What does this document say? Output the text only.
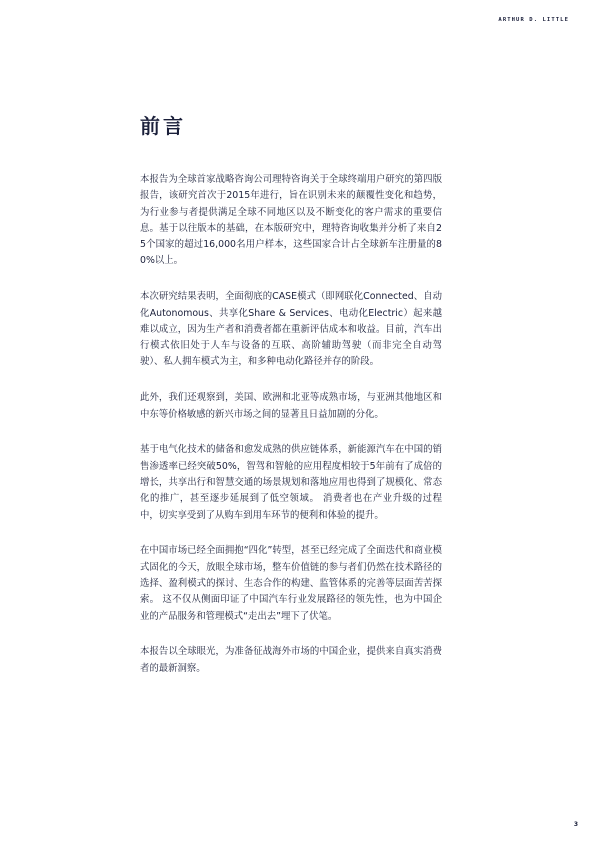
ARTHUR D. LITTLE
前言

本报告为全球首家战略咨询公司理特咨询关于全球终端用户研究的第四版报告，该研究首次于2015年进行，旨在识别未来的颠覆性变化和趋势，为行业参与者提供满足全球不同地区以及不断变化的客户需求的重要信息。基于以往版本的基础，在本版研究中，理特咨询收集并分析了来自25个国家的超过16,000名用户样本，这些国家合计占全球新车注册量的80%以上。

本次研究结果表明，全面彻底的CASE模式（即网联化Connected、自动化Autonomous、共享化Share & Services、电动化Electric）起来越难以成立，因为生产者和消费者都在重新评估成本和收益。目前，汽车出行模式依旧处于人车与设备的互联、高阶辅助驾驶（而非完全自动驾驶）、私人拥车模式为主，和多种电动化路径并存的阶段。

此外，我们还观察到，美国、欧洲和北亚等成熟市场，与亚洲其他地区和中东等价格敏感的新兴市场之间的显著且日益加剧的分化。

基于电气化技术的储备和愈发成熟的供应链体系，新能源汽车在中国的销售渗透率已经突破50%，智驾和智舱的应用程度相较于5年前有了成倍的增长，共享出行和智慧交通的场景规划和落地应用也得到了规模化、常态化的推广，甚至逐步延展到了低空领域。 消费者也在产业升级的过程中，切实享受到了从购车到用车环节的便利和体验的提升。

在中国市场已经全面拥抱“四化”转型，甚至已经完成了全面迭代和商业模式固化的今天，放眼全球市场，整车价值链的参与者们仍然在技术路径的选择、盈利模式的探讨、生态合作的构建、监管体系的完善等层面苦苦探索。 这不仅从侧面印证了中国汽车行业发展路径的领先性，也为中国企业的产品服务和管理模式“走出去”埋下了伏笔。

本报告以全球眼光，为准备征战海外市场的中国企业，提供来自真实消费者的最新洞察。

3
